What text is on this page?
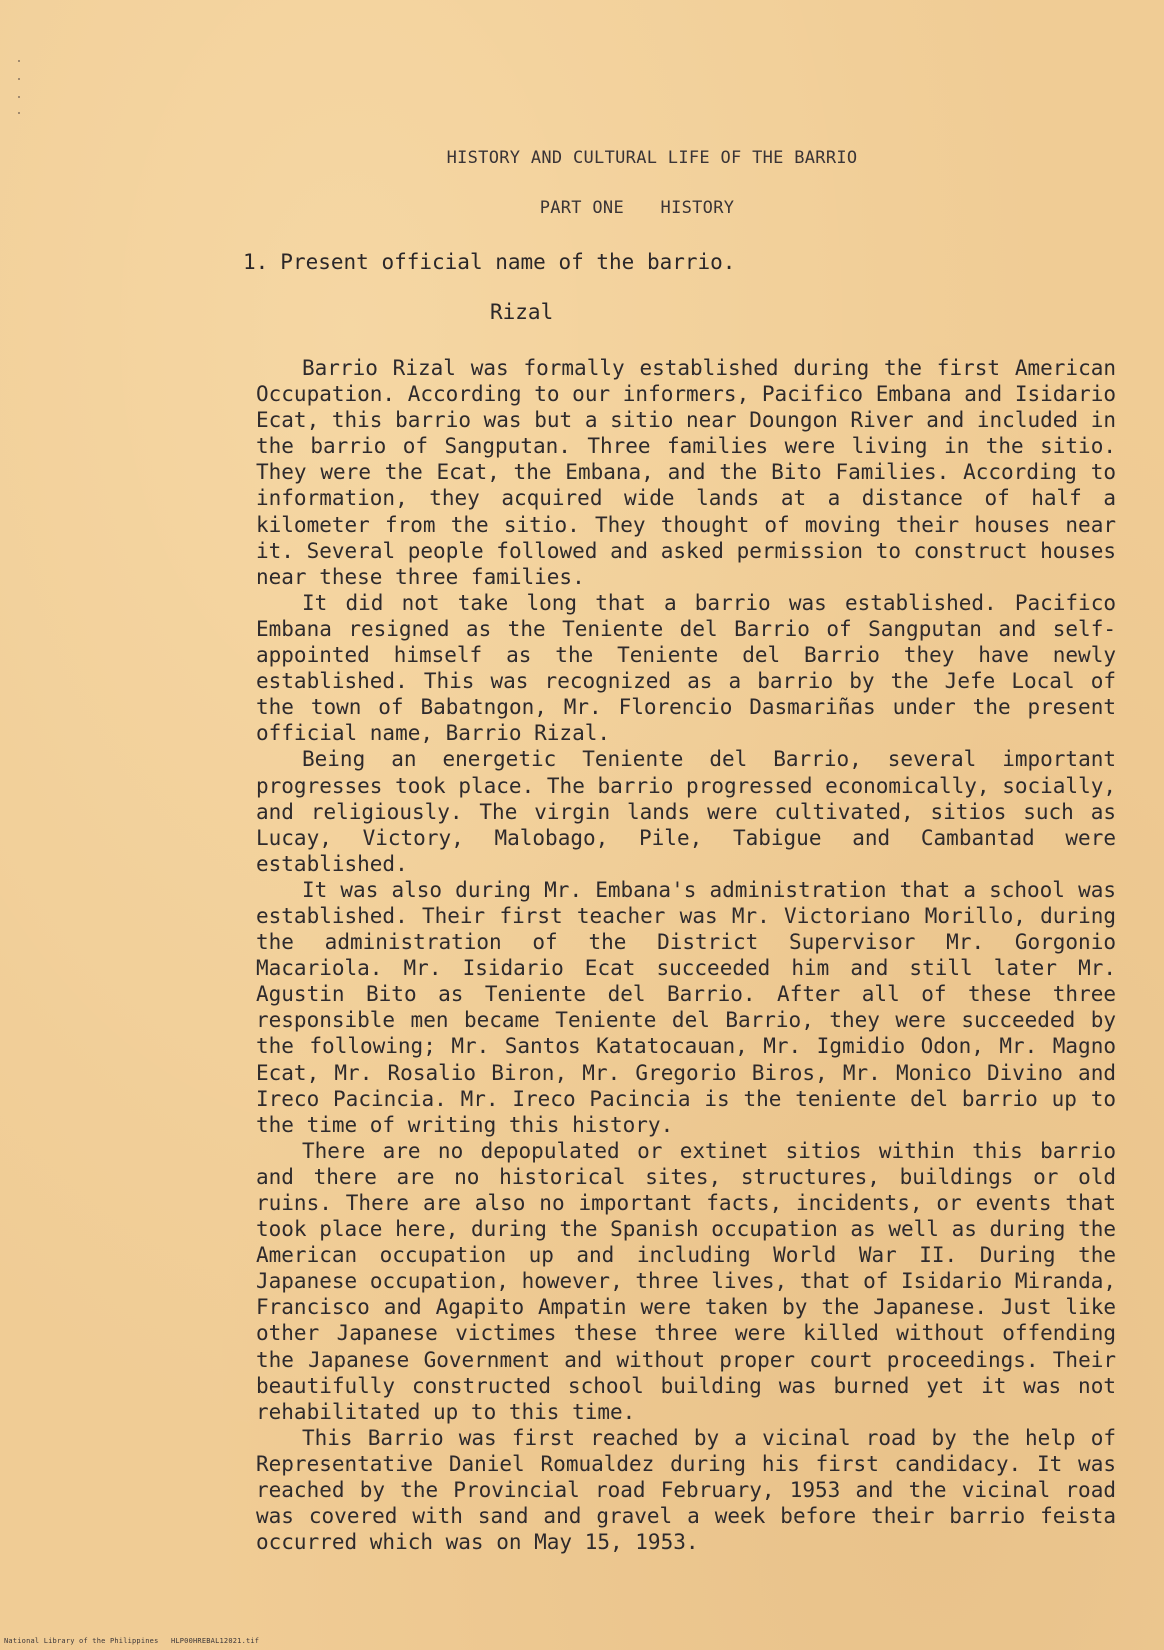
HISTORY AND CULTURAL LIFE OF THE BARRIO
PART ONE HISTORY
1. Present official name of the barrio.
Rizal

Barrio Rizal was formally established during the first American Occupation. According to our informers, Pacifico Embana and Isidario Ecat, this barrio was but a sitio near Doungon River and included in the barrio of Sangputan. Three families were living in the sitio. They were the Ecat, the Embana, and the Bito Families. According to information, they acquired wide lands at a distance of half a kilometer from the sitio. They thought of moving their houses near it. Several people followed and asked permission to construct houses near these three families.

It did not take long that a barrio was established. Pacifico Embana resigned as the Teniente del Barrio of Sangputan and self-appointed himself as the Teniente del Barrio they have newly established. This was recognized as a barrio by the Jefe Local of the town of Babatngon, Mr. Florencio Dasmariñas under the present official name, Barrio Rizal.

Being an energetic Teniente del Barrio, several important progresses took place. The barrio progressed economically, socially, and religiously. The virgin lands were cultivated, sitios such as Lucay, Victory, Malobago, Pile, Tabigue and Cambantad were established.

It was also during Mr. Embana's administration that a school was established. Their first teacher was Mr. Victoriano Morillo, during the administration of the District Supervisor Mr. Gorgonio Macariola. Mr. Isidario Ecat succeeded him and still later Mr. Agustin Bito as Teniente del Barrio. After all of these three responsible men became Teniente del Barrio, they were succeeded by the following; Mr. Santos Katatocauan, Mr. Igmidio Odon, Mr. Magno Ecat, Mr. Rosalio Biron, Mr. Gregorio Biros, Mr. Monico Divino and Ireco Pacincia. Mr. Ireco Pacincia is the teniente del barrio up to the time of writing this history.

There are no depopulated or extinet sitios within this barrio and there are no historical sites, structures, buildings or old ruins. There are also no important facts, incidents, or events that took place here, during the Spanish occupation as well as during the American occupation up and including World War II. During the Japanese occupation, however, three lives, that of Isidario Miranda, Francisco and Agapito Ampatin were taken by the Japanese. Just like other Japanese victimes these three were killed without offending the Japanese Government and without proper court proceedings. Their beautifully constructed school building was burned yet it was not rehabilitated up to this time.

This Barrio was first reached by a vicinal road by the help of Representative Daniel Romualdez during his first candidacy. It was reached by the Provincial road February, 1953 and the vicinal road was covered with sand and gravel a week before their barrio feista occurred which was on May 15, 1953.

National Library of the Philippines HLP00HREBAL12021.tif
